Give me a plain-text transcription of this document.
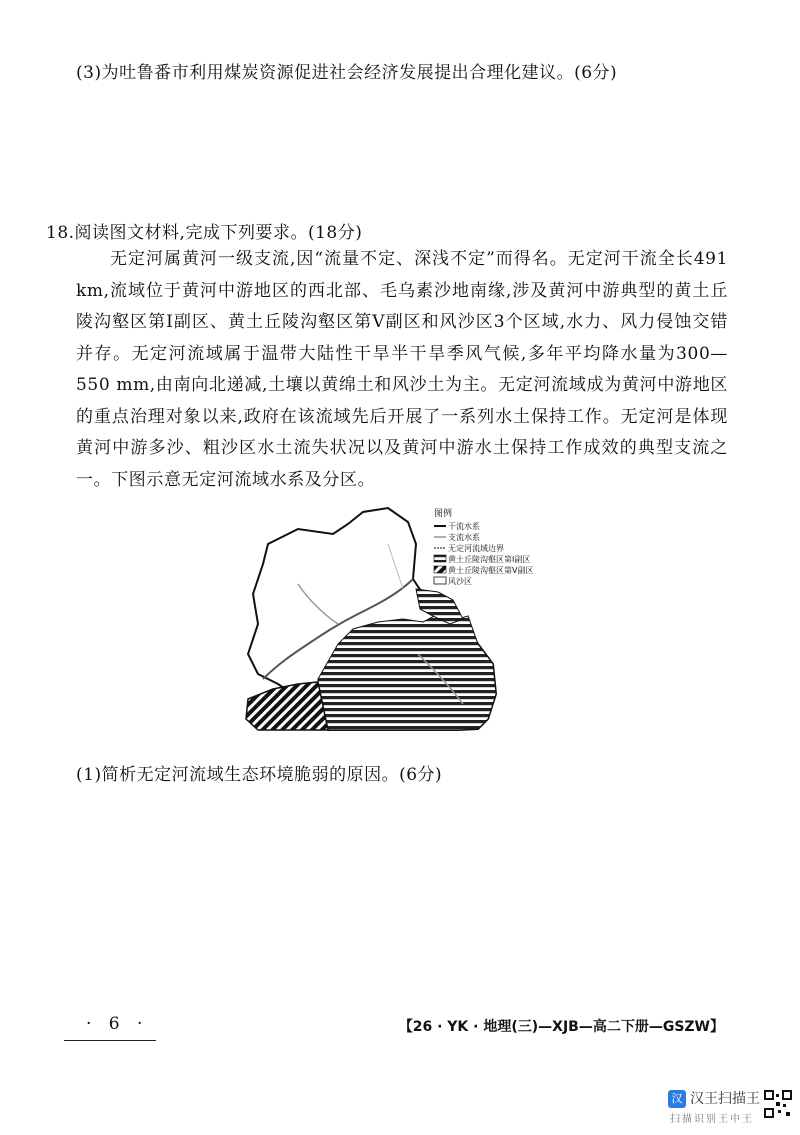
(3)为吐鲁番市利用煤炭资源促进社会经济发展提出合理化建议。(6分)
18.阅读图文材料,完成下列要求。(18分)

无定河属黄河一级支流,因“流量不定、深浅不定”而得名。无定河干流全长491 km,流域位于黄河中游地区的西北部、毛乌素沙地南缘,涉及黄河中游典型的黄土丘陵沟壑区第Ⅰ副区、黄土丘陵沟壑区第Ⅴ副区和风沙区3个区域,水力、风力侵蚀交错并存。无定河流域属于温带大陆性干旱半干旱季风气候,多年平均降水量为300—550 mm,由南向北递减,土壤以黄绵土和风沙土为主。无定河流域成为黄河中游地区的重点治理对象以来,政府在该流域先后开展了一系列水土保持工作。无定河是体现黄河中游多沙、粗沙区水土流失状况以及黄河中游水土保持工作成效的典型支流之一。下图示意无定河流域水系及分区。

图例
干流水系
支流水系
无定河流域边界
黄土丘陵沟壑区第Ⅰ副区
黄土丘陵沟壑区第Ⅴ副区
风沙区
(1)简析无定河流域生态环境脆弱的原因。(6分)
· 6 ·	【26 · YK · 地理(三)—XJB—高二下册—GSZW】
汉 汉王扫描王
扫描识别王中王
